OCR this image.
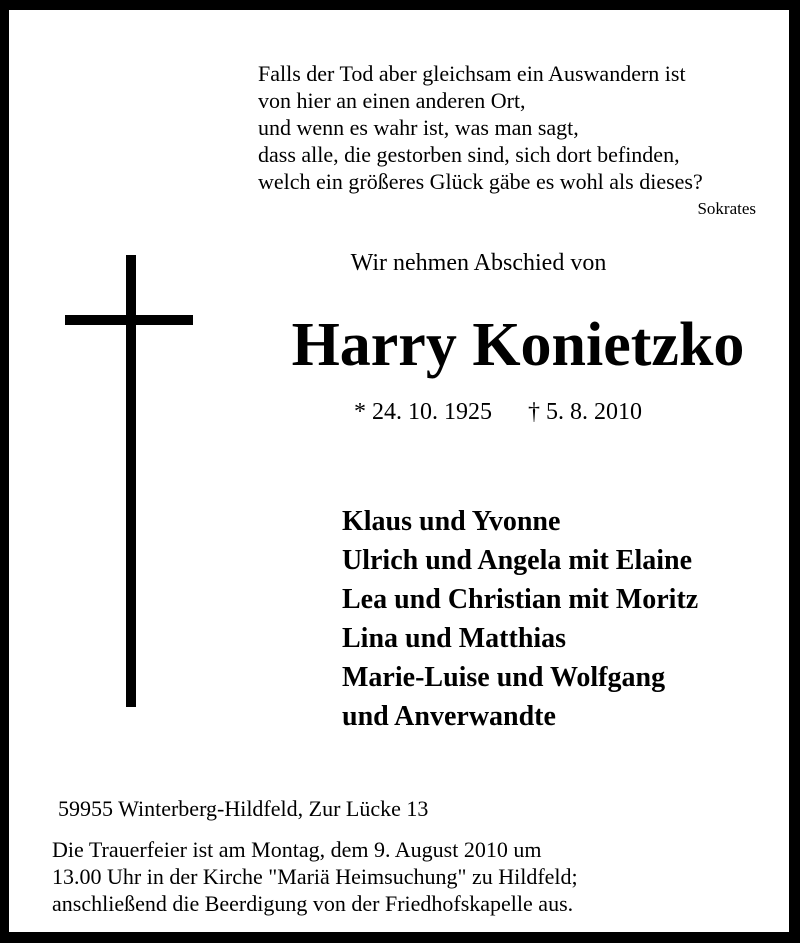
Falls der Tod aber gleichsam ein Auswandern ist
von hier an einen anderen Ort,
und wenn es wahr ist, was man sagt,
dass alle, die gestorben sind, sich dort befinden,
welch ein größeres Glück gäbe es wohl als dieses?
Sokrates
Wir nehmen Abschied von
Harry Konietzko
* 24. 10. 1925 † 5. 8. 2010
Klaus und Yvonne
Ulrich und Angela mit Elaine
Lea und Christian mit Moritz
Lina und Matthias
Marie-Luise und Wolfgang
und Anverwandte
59955 Winterberg-Hildfeld, Zur Lücke 13
Die Trauerfeier ist am Montag, dem 9. August 2010 um
13.00 Uhr in der Kirche "Mariä Heimsuchung" zu Hildfeld;
anschließend die Beerdigung von der Friedhofskapelle aus.
